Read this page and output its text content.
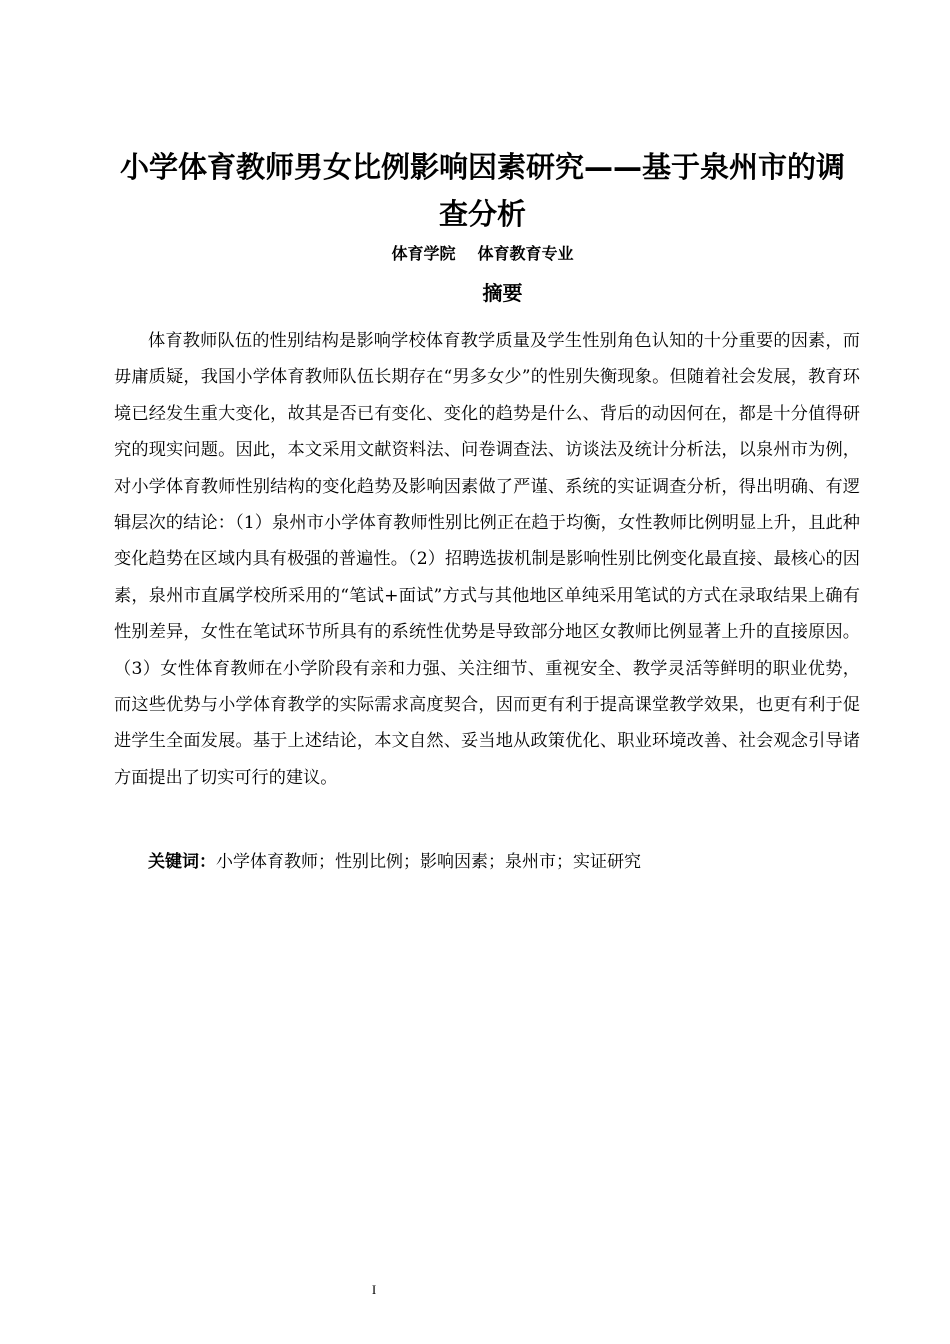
小学体育教师男女比例影响因素研究——基于泉州市的调查分析
体育学院 体育教育专业
摘要

体育教师队伍的性别结构是影响学校体育教学质量及学生性别角色认知的十分重要的因素，而毋庸质疑，我国小学体育教师队伍长期存在“男多女少”的性别失衡现象。但随着社会发展，教育环境已经发生重大变化，故其是否已有变化、变化的趋势是什么、背后的动因何在，都是十分值得研究的现实问题。因此，本文采用文献资料法、问卷调查法、访谈法及统计分析法，以泉州市为例，对小学体育教师性别结构的变化趋势及影响因素做了严谨、系统的实证调查分析，得出明确、有逻辑层次的结论：（1）泉州市小学体育教师性别比例正在趋于均衡，女性教师比例明显上升，且此种变化趋势在区域内具有极强的普遍性。（2）招聘选拔机制是影响性别比例变化最直接、最核心的因素，泉州市直属学校所采用的“笔试+面试”方式与其他地区单纯采用笔试的方式在录取结果上确有性别差异，女性在笔试环节所具有的系统性优势是导致部分地区女教师比例显著上升的直接原因。（3）女性体育教师在小学阶段有亲和力强、关注细节、重视安全、教学灵活等鲜明的职业优势，而这些优势与小学体育教学的实际需求高度契合，因而更有利于提高课堂教学效果，也更有利于促进学生全面发展。基于上述结论，本文自然、妥当地从政策优化、职业环境改善、社会观念引导诸方面提出了切实可行的建议。

关键词：小学体育教师；性别比例；影响因素；泉州市；实证研究

I
